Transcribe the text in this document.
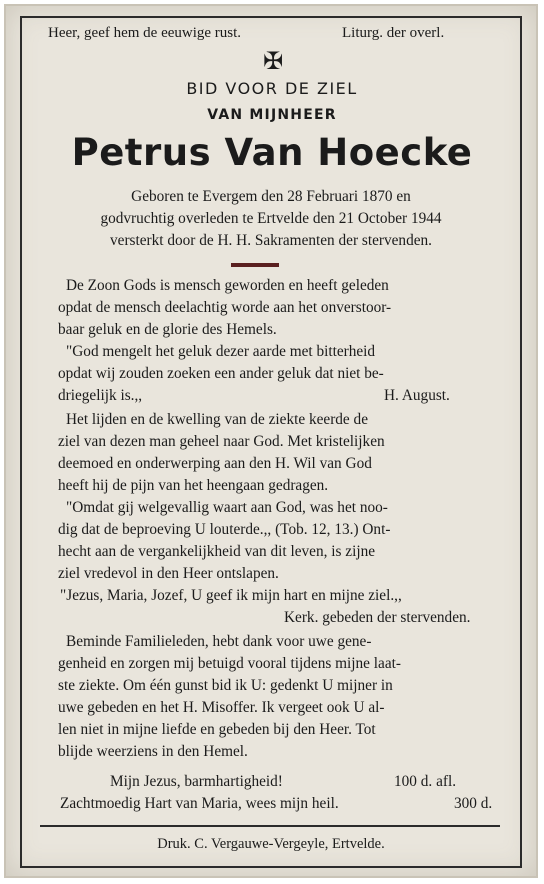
Heer, geef hem de eeuwige rust.	Liturg. der overl.
✠
BID VOOR DE ZIEL
VAN MIJNHEER
Petrus Van Hoecke
Geboren te Evergem den 28 Februari 1870 en
godvruchtig overleden te Ertvelde den 21 October 1944
versterkt door de H. H. Sakramenten der stervenden.
De Zoon Gods is mensch geworden en heeft geleden
opdat de mensch deelachtig worde aan het onverstoor-
baar geluk en de glorie des Hemels.
"God mengelt het geluk dezer aarde met bitterheid
opdat wij zouden zoeken een ander geluk dat niet be-
driegelijk is.,,	H. August.
Het lijden en de kwelling van de ziekte keerde de
ziel van dezen man geheel naar God. Met kristelijken
deemoed en onderwerping aan den H. Wil van God
heeft hij de pijn van het heengaan gedragen.
"Omdat gij welgevallig waart aan God, was het noo-
dig dat de beproeving U louterde.,, (Tob. 12, 13.) Ont-
hecht aan de vergankelijkheid van dit leven, is zijne
ziel vredevol in den Heer ontslapen.
"Jezus, Maria, Jozef, U geef ik mijn hart en mijne ziel.,,
Kerk. gebeden der stervenden.
Beminde Familieleden, hebt dank voor uwe gene-
genheid en zorgen mij betuigd vooral tijdens mijne laat-
ste ziekte. Om één gunst bid ik U: gedenkt U mijner in
uwe gebeden en het H. Misoffer. Ik vergeet ook U al-
len niet in mijne liefde en gebeden bij den Heer. Tot
blijde weerziens in den Hemel.
Mijn Jezus, barmhartigheid!	100 d. afl.
Zachtmoedig Hart van Maria, wees mijn heil.	300 d.
Druk. C. Vergauwe-Vergeyle, Ertvelde.
